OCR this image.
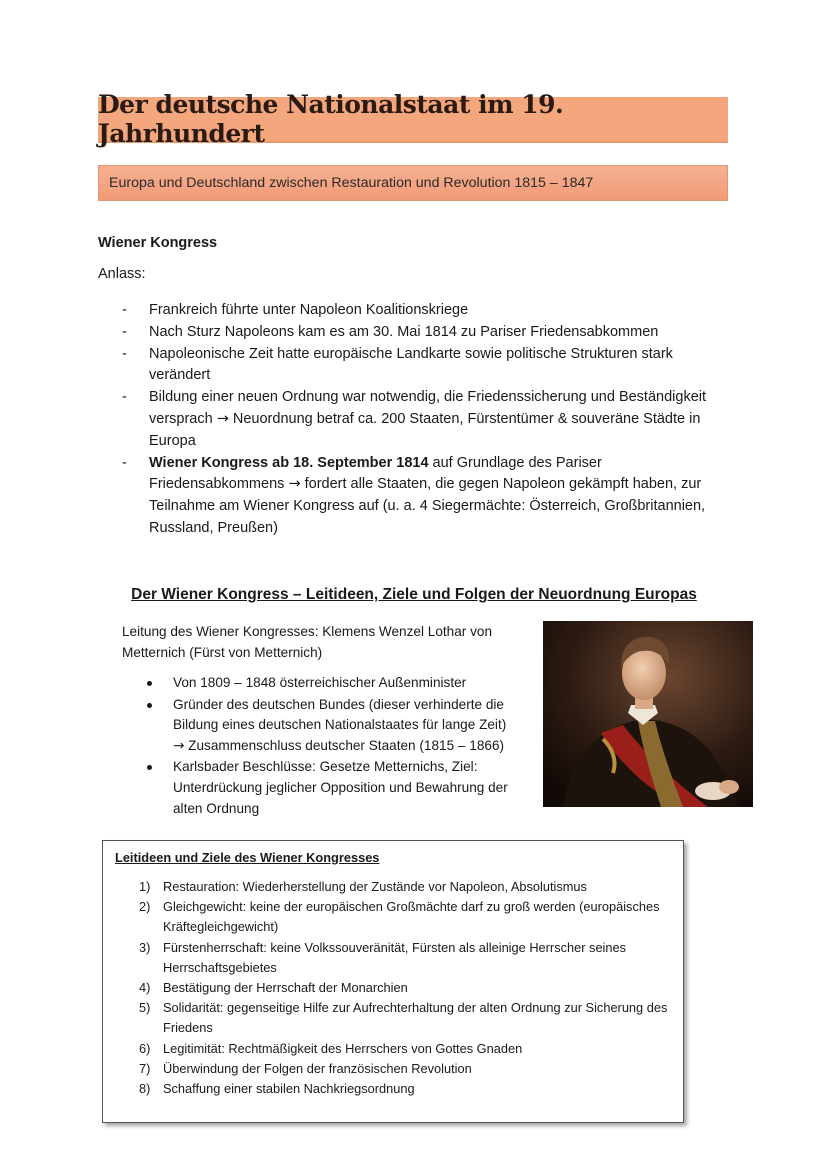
Der deutsche Nationalstaat im 19. Jahrhundert
Europa und Deutschland zwischen Restauration und Revolution 1815 – 1847
Wiener Kongress
Anlass:
- Frankreich führte unter Napoleon Koalitionskriege
- Nach Sturz Napoleons kam es am 30. Mai 1814 zu Pariser Friedensabkommen
- Napoleonische Zeit hatte europäische Landkarte sowie politische Strukturen stark verändert
- Bildung einer neuen Ordnung war notwendig, die Friedenssicherung und Beständigkeit versprach → Neuordnung betraf ca. 200 Staaten, Fürstentümer & souveräne Städte in Europa
- Wiener Kongress ab 18. September 1814 auf Grundlage des Pariser Friedensabkommens → fordert alle Staaten, die gegen Napoleon gekämpft haben, zur Teilnahme am Wiener Kongress auf (u. a. 4 Siegermächte: Österreich, Großbritannien, Russland, Preußen)
Der Wiener Kongress – Leitideen, Ziele und Folgen der Neuordnung Europas
Leitung des Wiener Kongresses: Klemens Wenzel Lothar von Metternich (Fürst von Metternich)
Von 1809 – 1848 österreichischer Außenminister
Gründer des deutschen Bundes (dieser verhinderte die Bildung eines deutschen Nationalstaates für lange Zeit)
→ Zusammenschluss deutscher Staaten (1815 – 1866)
Karlsbader Beschlüsse: Gesetze Metternichs, Ziel: Unterdrückung jeglicher Opposition und Bewahrung der alten Ordnung
Leitideen und Ziele des Wiener Kongresses
1) Restauration: Wiederherstellung der Zustände vor Napoleon, Absolutismus
2) Gleichgewicht: keine der europäischen Großmächte darf zu groß werden (europäisches Kräftegleichgewicht)
3) Fürstenherrschaft: keine Volkssouveränität, Fürsten als alleinige Herrscher seines Herrschaftsgebietes
4) Bestätigung der Herrschaft der Monarchien
5) Solidarität: gegenseitige Hilfe zur Aufrechterhaltung der alten Ordnung zur Sicherung des Friedens
6) Legitimität: Rechtmäßigkeit des Herrschers von Gottes Gnaden
7) Überwindung der Folgen der französischen Revolution
8) Schaffung einer stabilen Nachkriegsordnung
